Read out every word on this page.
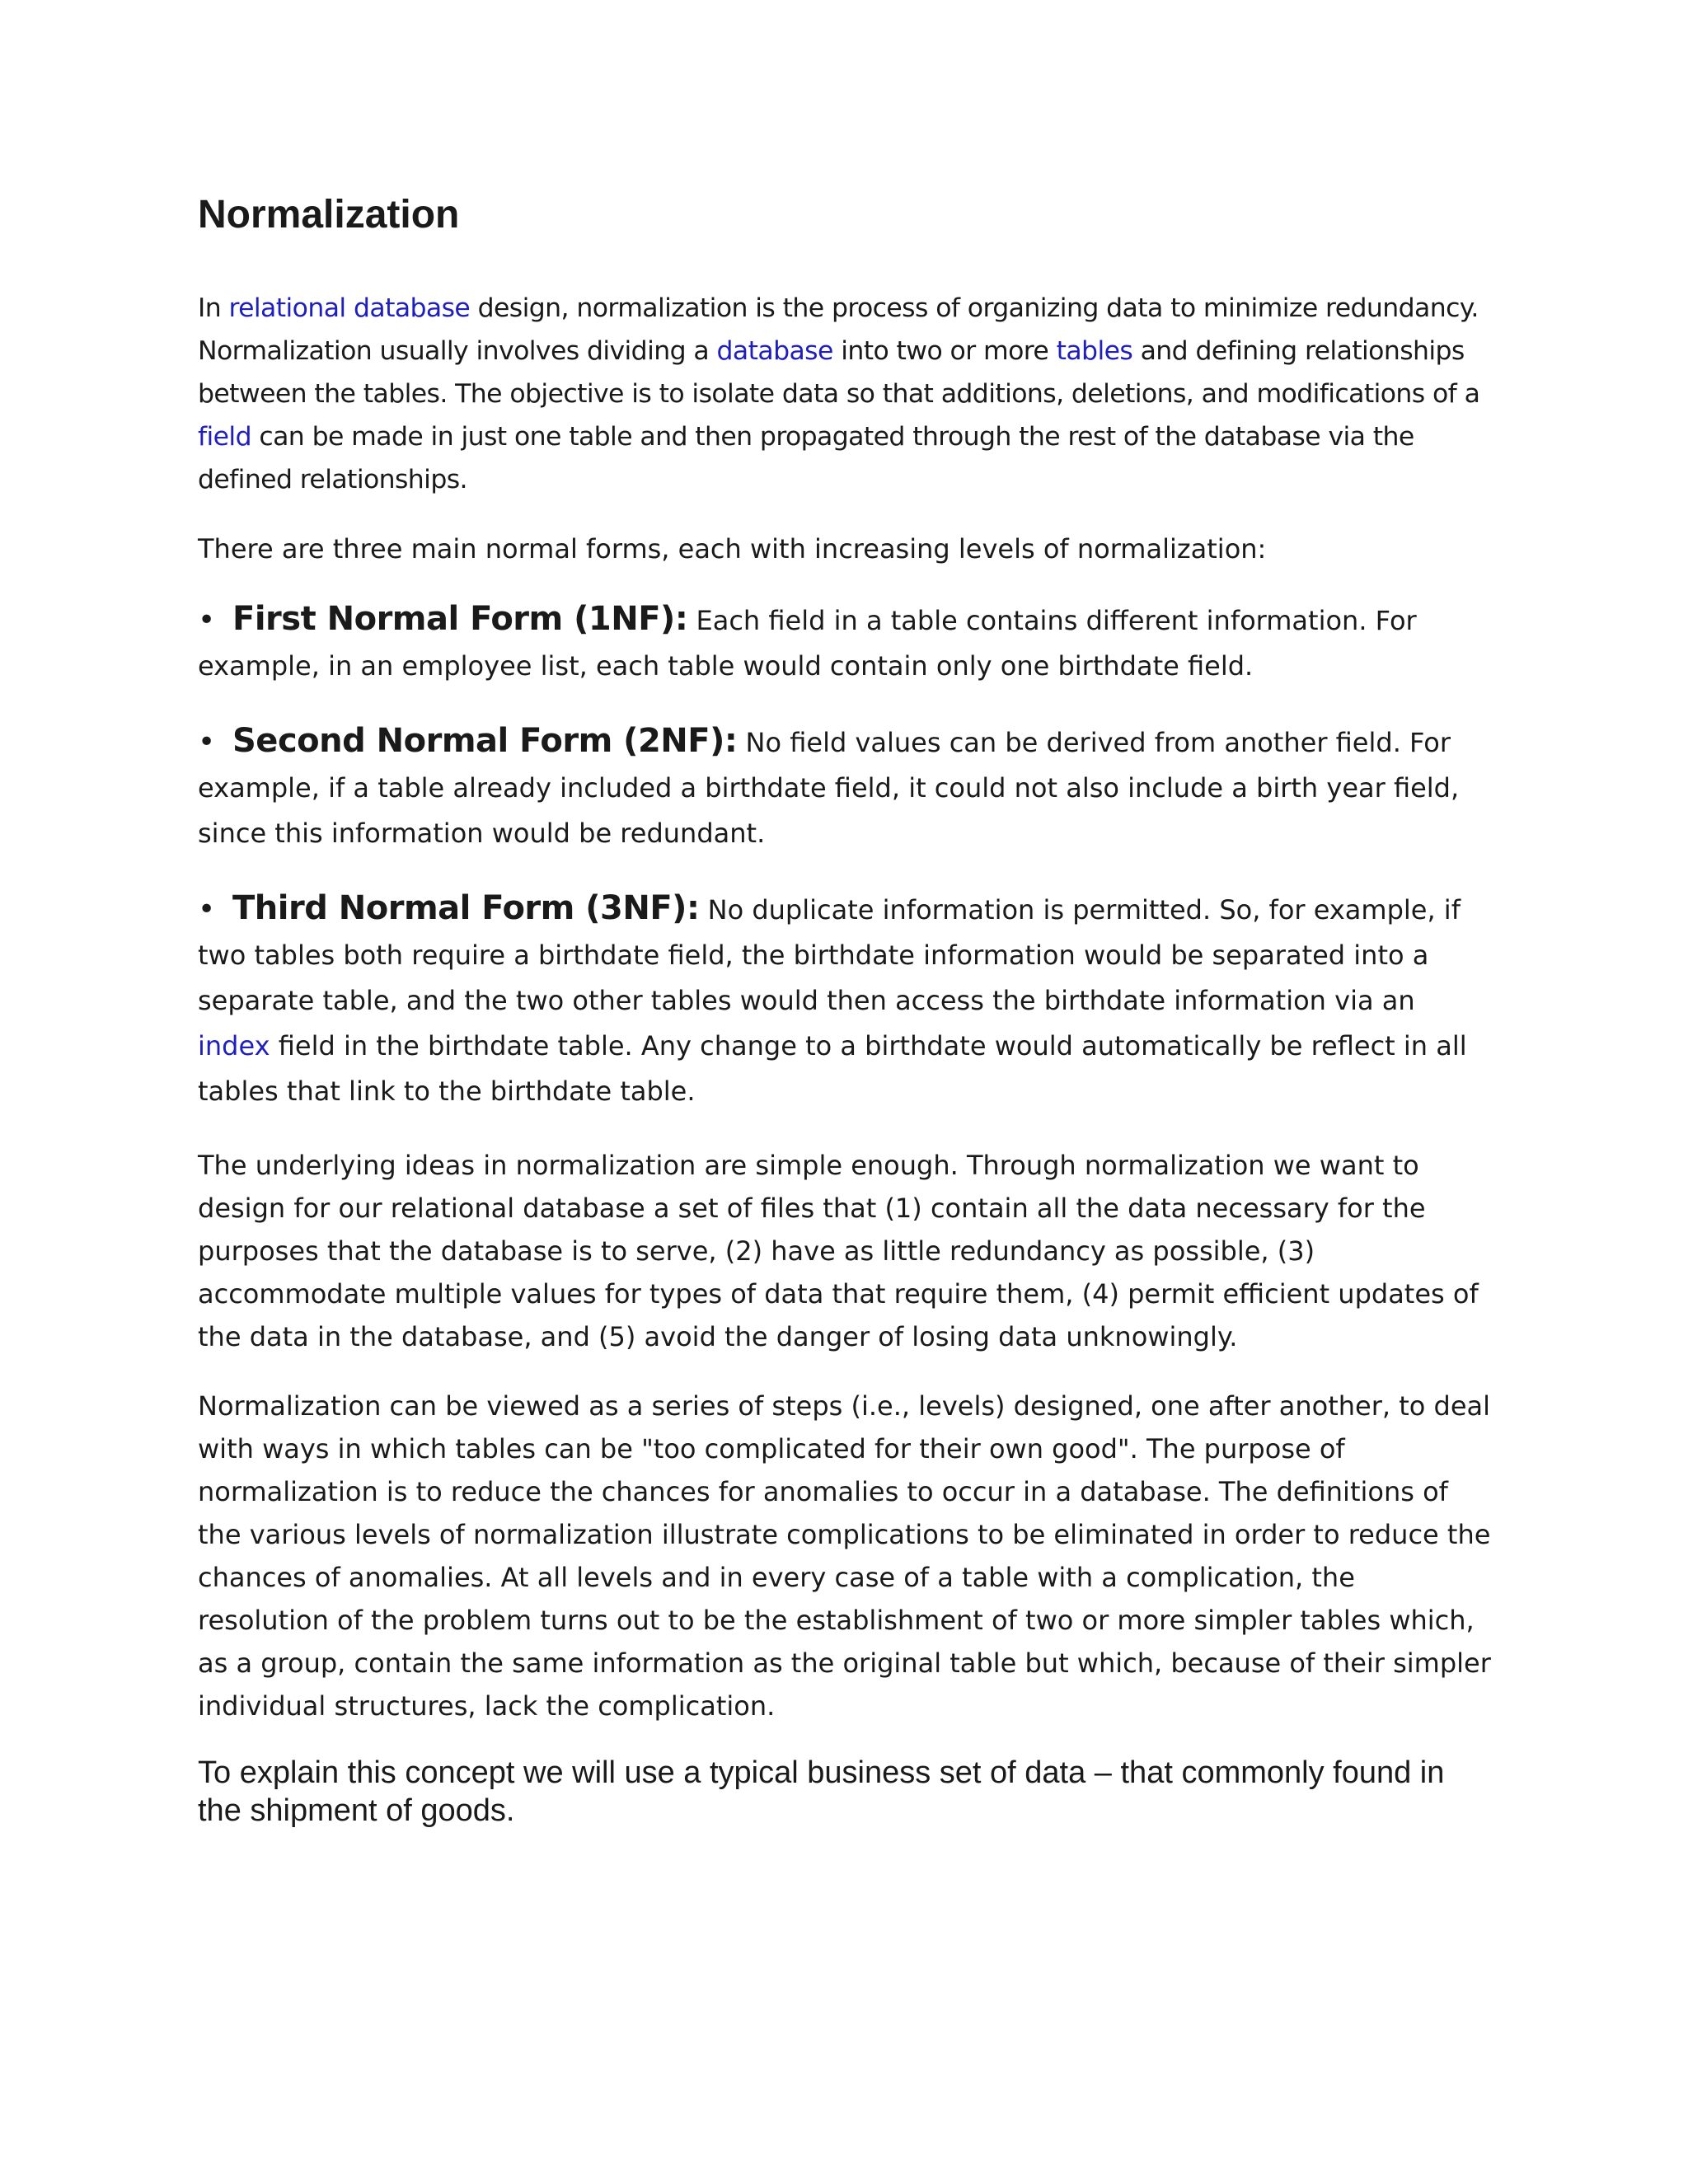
Normalization

In relational database design, normalization is the process of organizing data to minimize redundancy. Normalization usually involves dividing a database into two or more tables and defining relationships between the tables. The objective is to isolate data so that additions, deletions, and modifications of a field can be made in just one table and then propagated through the rest of the database via the defined relationships.

There are three main normal forms, each with increasing levels of normalization:

• First Normal Form (1NF): Each field in a table contains different information. For example, in an employee list, each table would contain only one birthdate field.

• Second Normal Form (2NF): No field values can be derived from another field. For example, if a table already included a birthdate field, it could not also include a birth year field, since this information would be redundant.

• Third Normal Form (3NF): No duplicate information is permitted. So, for example, if two tables both require a birthdate field, the birthdate information would be separated into a separate table, and the two other tables would then access the birthdate information via an index field in the birthdate table. Any change to a birthdate would automatically be reflect in all tables that link to the birthdate table.

The underlying ideas in normalization are simple enough. Through normalization we want to design for our relational database a set of files that (1) contain all the data necessary for the purposes that the database is to serve, (2) have as little redundancy as possible, (3) accommodate multiple values for types of data that require them, (4) permit efficient updates of the data in the database, and (5) avoid the danger of losing data unknowingly.

Normalization can be viewed as a series of steps (i.e., levels) designed, one after another, to deal with ways in which tables can be "too complicated for their own good". The purpose of normalization is to reduce the chances for anomalies to occur in a database. The definitions of the various levels of normalization illustrate complications to be eliminated in order to reduce the chances of anomalies. At all levels and in every case of a table with a complication, the resolution of the problem turns out to be the establishment of two or more simpler tables which, as a group, contain the same information as the original table but which, because of their simpler individual structures, lack the complication.

To explain this concept we will use a typical business set of data – that commonly found in the shipment of goods.
